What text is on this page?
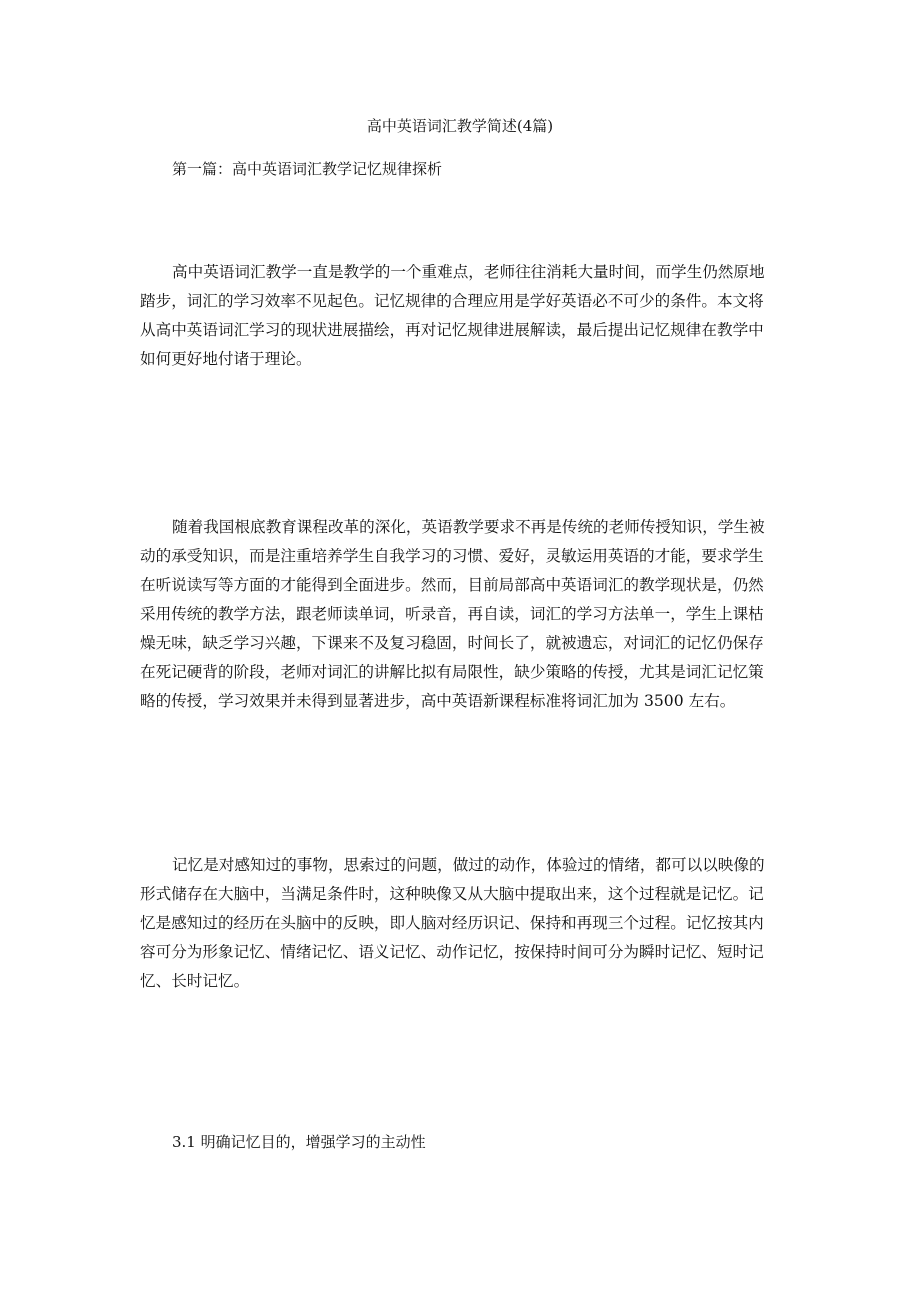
高中英语词汇教学简述(4篇)
第一篇：高中英语词汇教学记忆规律探析
高中英语词汇教学一直是教学的一个重难点，老师往往消耗大量时间，而学生仍然原地
踏步，词汇的学习效率不见起色。记忆规律的合理应用是学好英语必不可少的条件。本文将
从高中英语词汇学习的现状进展描绘，再对记忆规律进展解读，最后提出记忆规律在教学中
如何更好地付诸于理论。
随着我国根底教育课程改革的深化，英语教学要求不再是传统的老师传授知识，学生被
动的承受知识，而是注重培养学生自我学习的习惯、爱好，灵敏运用英语的才能，要求学生
在听说读写等方面的才能得到全面进步。然而，目前局部高中英语词汇的教学现状是，仍然
采用传统的教学方法，跟老师读单词，听录音，再自读，词汇的学习方法单一，学生上课枯
燥无味，缺乏学习兴趣，下课来不及复习稳固，时间长了，就被遗忘，对词汇的记忆仍保存
在死记硬背的阶段，老师对词汇的讲解比拟有局限性，缺少策略的传授，尤其是词汇记忆策
略的传授，学习效果并未得到显著进步，高中英语新课程标准将词汇加为 3500 左右。
记忆是对感知过的事物，思索过的问题，做过的动作，体验过的情绪，都可以以映像的
形式储存在大脑中，当满足条件时，这种映像又从大脑中提取出来，这个过程就是记忆。记
忆是感知过的经历在头脑中的反映，即人脑对经历识记、保持和再现三个过程。记忆按其内
容可分为形象记忆、情绪记忆、语义记忆、动作记忆，按保持时间可分为瞬时记忆、短时记
忆、长时记忆。
3.1 明确记忆目的，增强学习的主动性
